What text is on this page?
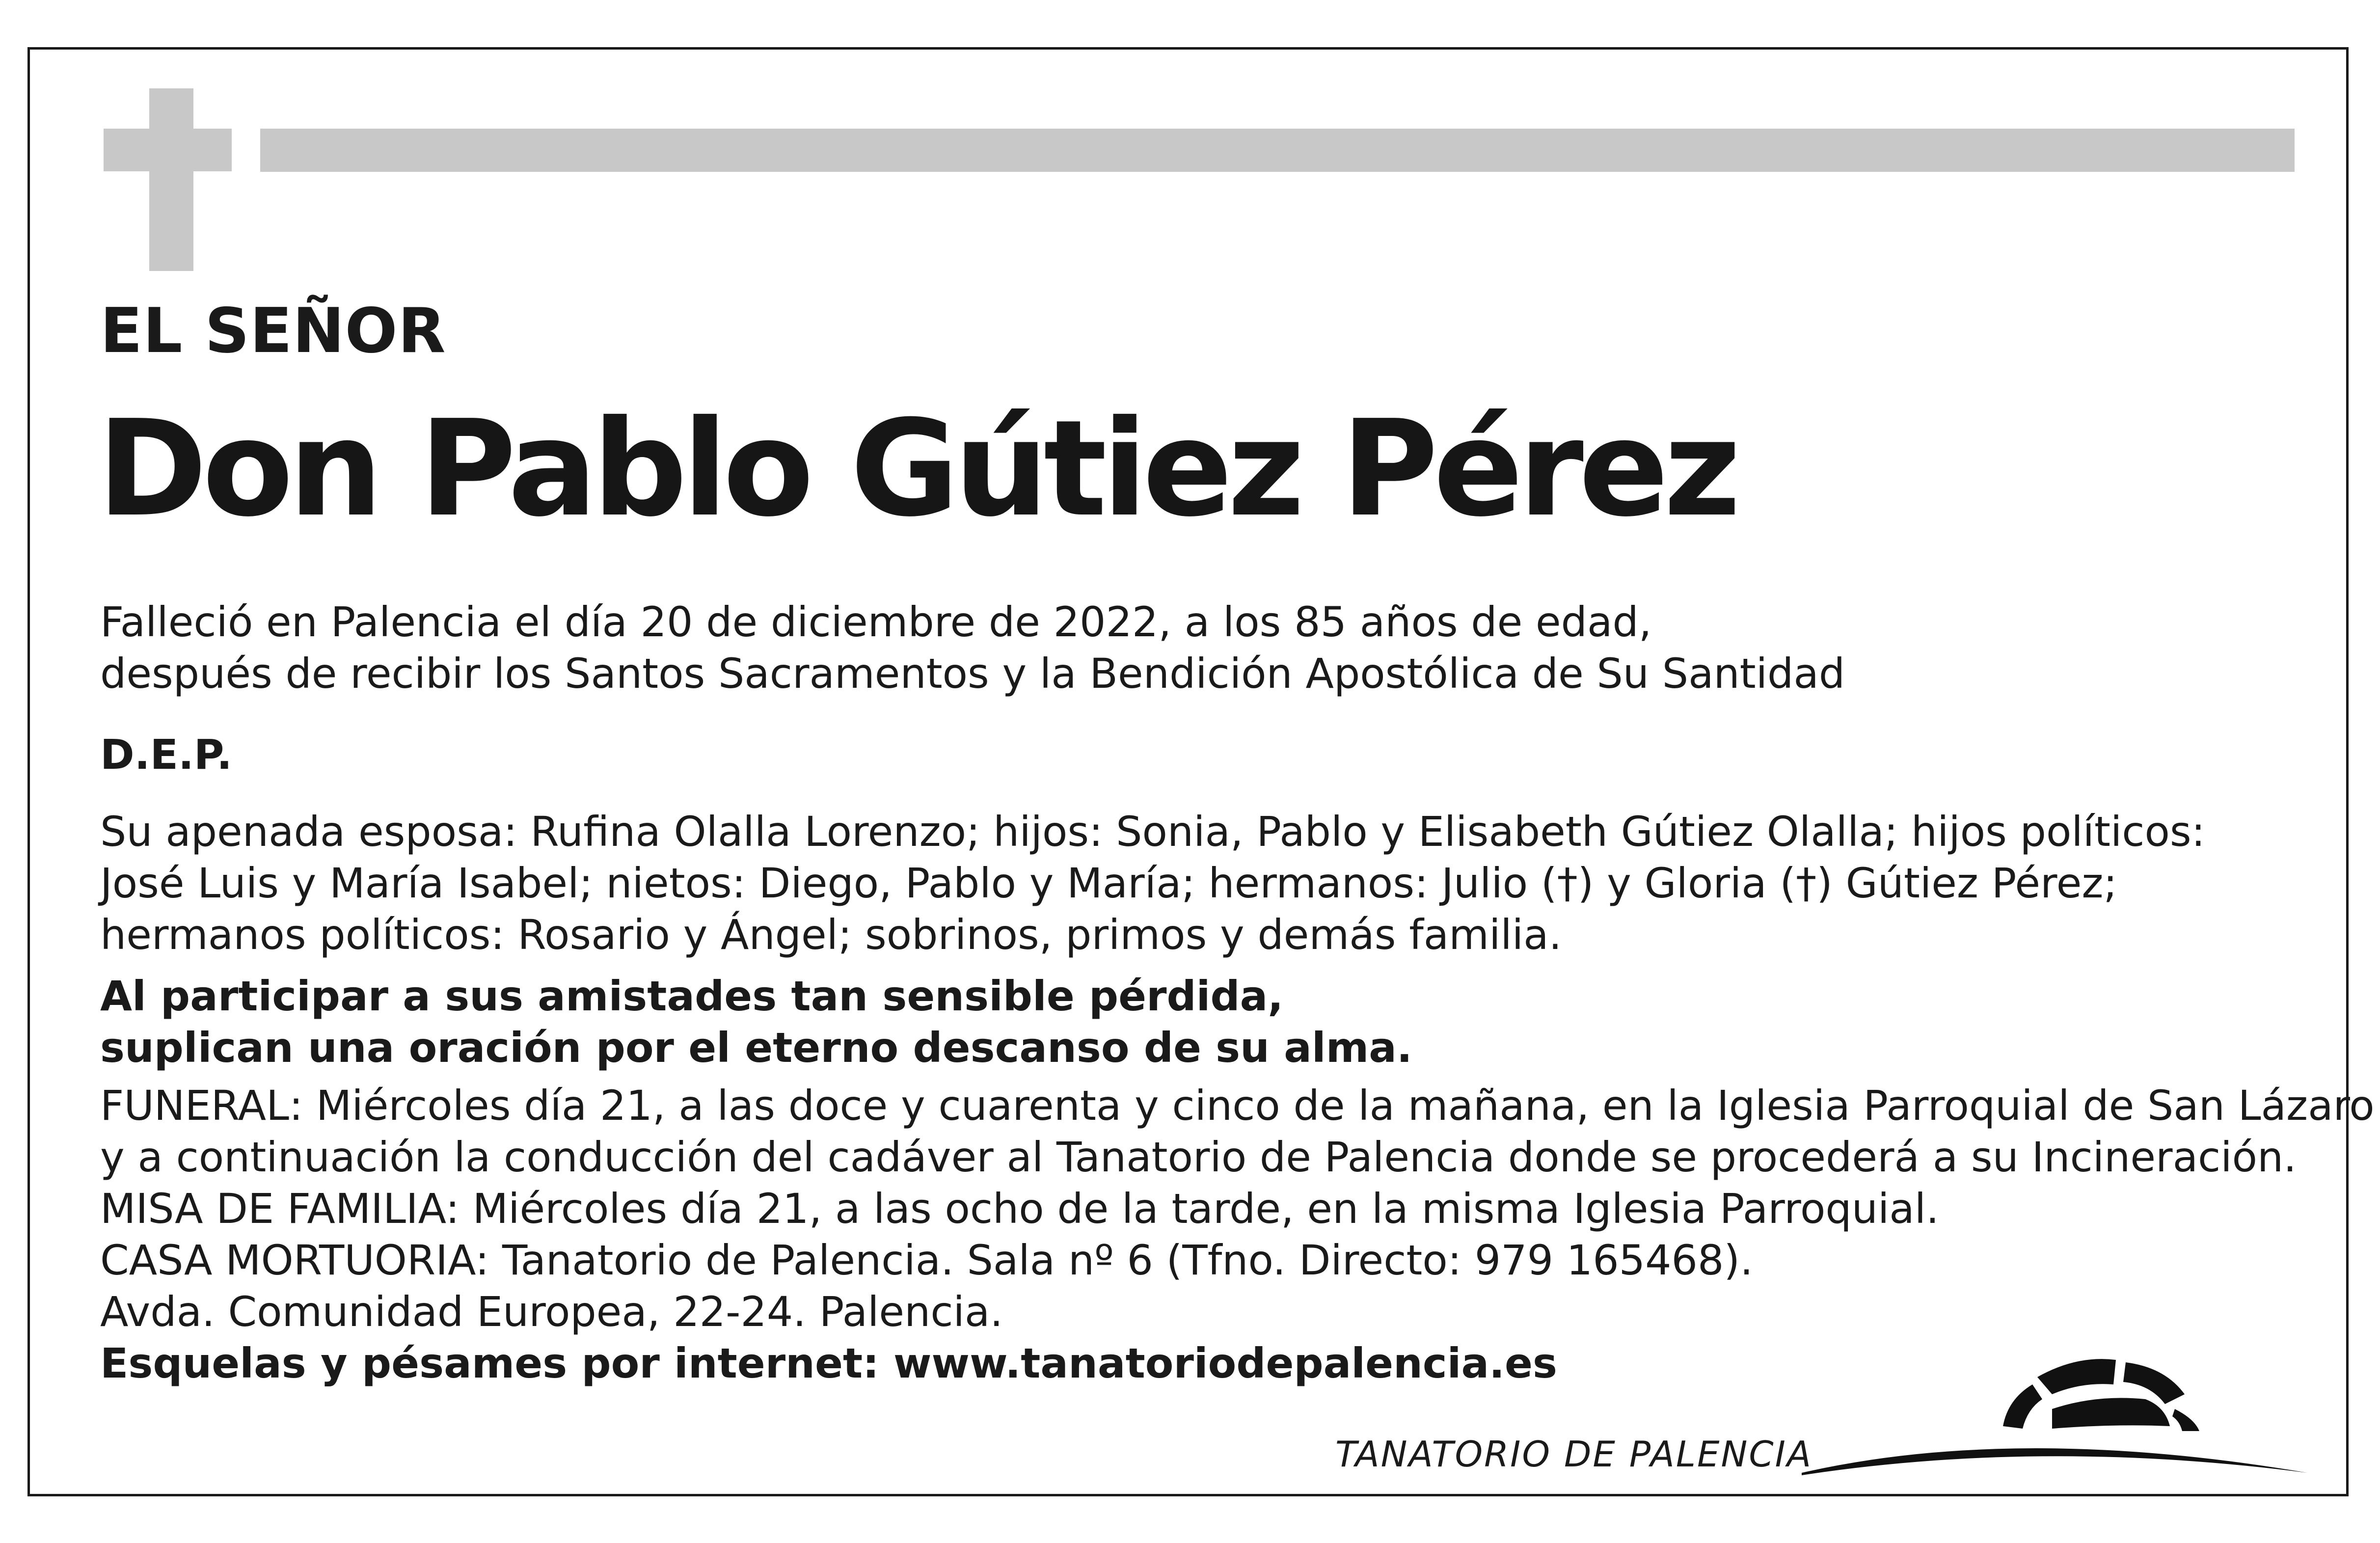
EL SEÑOR
Don Pablo Gútiez Pérez
Falleció en Palencia el día 20 de diciembre de 2022, a los 85 años de edad,
después de recibir los Santos Sacramentos y la Bendición Apostólica de Su Santidad
D.E.P.
Su apenada esposa: Rufina Olalla Lorenzo; hijos: Sonia, Pablo y Elisabeth Gútiez Olalla; hijos políticos:
José Luis y María Isabel; nietos: Diego, Pablo y María; hermanos: Julio (†) y Gloria (†) Gútiez Pérez;
hermanos políticos: Rosario y Ángel; sobrinos, primos y demás familia.
Al participar a sus amistades tan sensible pérdida,
suplican una oración por el eterno descanso de su alma.
FUNERAL: Miércoles día 21, a las doce y cuarenta y cinco de la mañana, en la Iglesia Parroquial de San Lázaro
y a continuación la conducción del cadáver al Tanatorio de Palencia donde se procederá a su Incineración.
MISA DE FAMILIA: Miércoles día 21, a las ocho de la tarde, en la misma Iglesia Parroquial.
CASA MORTUORIA: Tanatorio de Palencia. Sala nº 6 (Tfno. Directo: 979 165468).
Avda. Comunidad Europea, 22-24. Palencia.
Esquelas y pésames por internet: www.tanatoriodepalencia.es
TANATORIO DE PALENCIA
